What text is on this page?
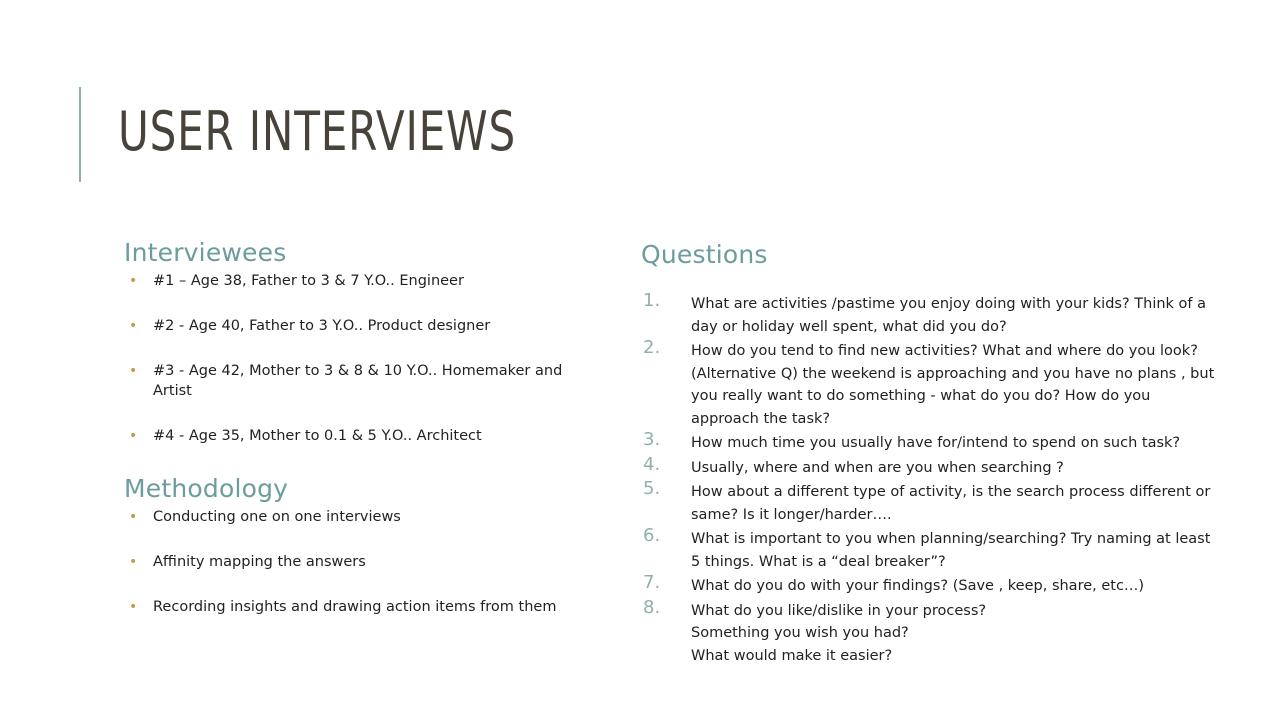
USER INTERVIEWS
Interviewees
• #1 – Age 38, Father to 3 & 7 Y.O.. Engineer
• #2 - Age 40, Father to 3 Y.O.. Product designer
• #3 - Age 42, Mother to 3 & 8 & 10 Y.O.. Homemaker and Artist
• #4 - Age 35, Mother to 0.1 & 5 Y.O.. Architect
Methodology
• Conducting one on one interviews
• Affinity mapping the answers
• Recording insights and drawing action items from them
Questions
1. What are activities /pastime you enjoy doing with your kids? Think of a day or holiday well spent, what did you do?
2. How do you tend to find new activities? What and where do you look? (Alternative Q) the weekend is approaching and you have no plans , but you really want to do something - what do you do? How do you approach the task?
3. How much time you usually have for/intend to spend on such task?
4. Usually, where and when are you when searching ?
5. How about a different type of activity, is the search process different or same? Is it longer/harder….
6. What is important to you when planning/searching? Try naming at least 5 things. What is a “deal breaker”?
7. What do you do with your findings? (Save , keep, share, etc…)
8. What do you like/dislike in your process?
Something you wish you had?
What would make it easier?
